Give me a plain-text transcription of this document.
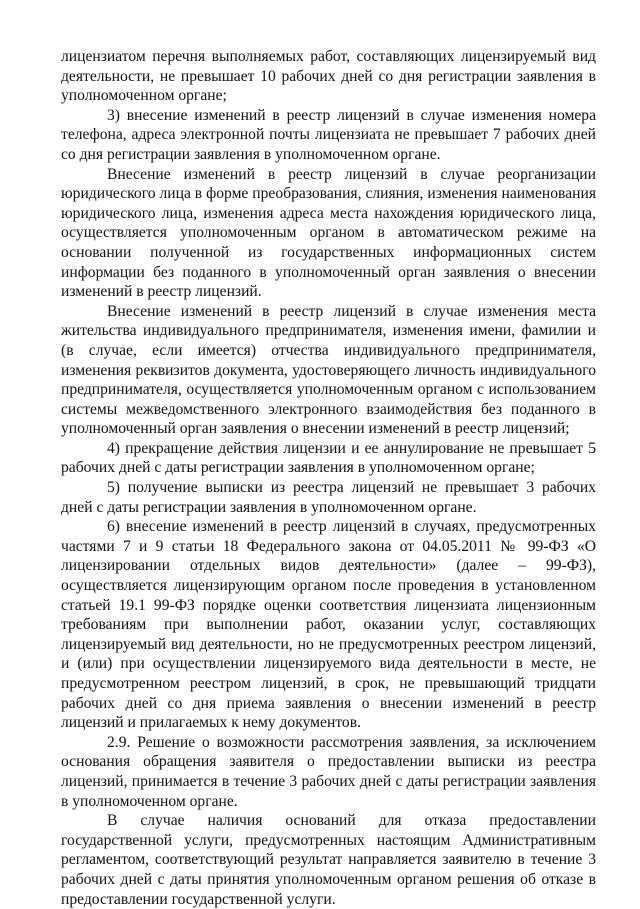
лицензиатом перечня выполняемых работ, составляющих лицензируемый вид деятельности, не превышает 10 рабочих дней со дня регистрации заявления в уполномоченном органе;

3) внесение изменений в реестр лицензий в случае изменения номера телефона, адреса электронной почты лицензиата не превышает 7 рабочих дней со дня регистрации заявления в уполномоченном органе.

Внесение изменений в реестр лицензий в случае реорганизации юридического лица в форме преобразования, слияния, изменения наименования юридического лица, изменения адреса места нахождения юридического лица, осуществляется уполномоченным органом в автоматическом режиме на основании полученной из государственных информационных систем информации без поданного в уполномоченный орган заявления о внесении изменений в реестр лицензий.

Внесение изменений в реестр лицензий в случае изменения места жительства индивидуального предпринимателя, изменения имени, фамилии и (в случае, если имеется) отчества индивидуального предпринимателя, изменения реквизитов документа, удостоверяющего личность индивидуального предпринимателя, осуществляется уполномоченным органом с использованием системы межведомственного электронного взаимодействия без поданного в уполномоченный орган заявления о внесении изменений в реестр лицензий;

4) прекращение действия лицензии и ее аннулирование не превышает 5 рабочих дней с даты регистрации заявления в уполномоченном органе;

5) получение выписки из реестра лицензий не превышает 3 рабочих дней с даты регистрации заявления в уполномоченном органе.

6) внесение изменений в реестр лицензий в случаях, предусмотренных частями 7 и 9 статьи 18 Федерального закона от 04.05.2011 № 99-ФЗ «О лицензировании отдельных видов деятельности» (далее – 99-ФЗ), осуществляется лицензирующим органом после проведения в установленном статьей 19.1 99-ФЗ порядке оценки соответствия лицензиата лицензионным требованиям при выполнении работ, оказании услуг, составляющих лицензируемый вид деятельности, но не предусмотренных реестром лицензий, и (или) при осуществлении лицензируемого вида деятельности в месте, не предусмотренном реестром лицензий, в срок, не превышающий тридцати рабочих дней со дня приема заявления о внесении изменений в реестр лицензий и прилагаемых к нему документов.

2.9. Решение о возможности рассмотрения заявления, за исключением основания обращения заявителя о предоставлении выписки из реестра лицензий, принимается в течение 3 рабочих дней с даты регистрации заявления в уполномоченном органе.

В случае наличия оснований для отказа предоставлении государственной услуги, предусмотренных настоящим Административным регламентом, соответствующий результат направляется заявителю в течение 3 рабочих дней с даты принятия уполномоченным органом решения об отказе в предоставлении государственной услуги.
